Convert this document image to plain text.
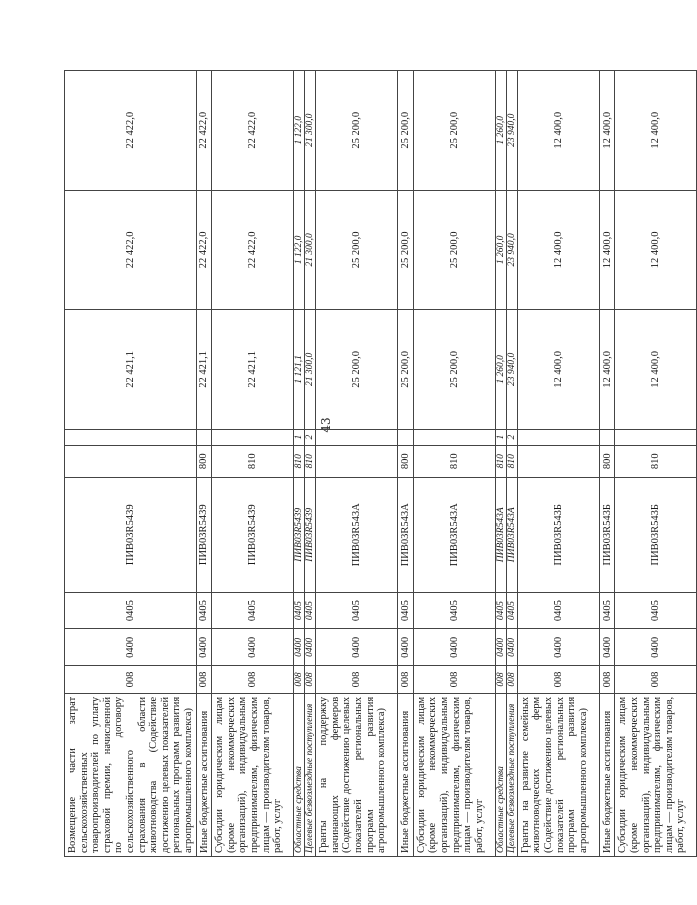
43
Возмещение части затрат сельскохозяйственных товаропроизводителей по уплату страховой премии, начисленной по договору сельскохозяйственного страхования в области животноводства (Содействие достижению целевых показателей региональных программ развития агропромышленного комплекса)	008	0400	0405	ПИВ03R5439			22 421,1	22 422,0	22 422,0
Иные бюджетные ассигнования	008	0400	0405	ПИВ03R5439	800		22 421,1	22 422,0	22 422,0
Субсидии юридическим лицам (кроме некоммерческих организаций), индивидуальным предпринимателям, физическим лицам — производителям товаров, работ, услуг	008	0400	0405	ПИВ03R5439	810		22 421,1	22 422,0	22 422,0
Областные средства	008	0400	0405	ПИВ03R5439	810	1	1 121,1	1 122,0	1 122,0
Целевые безвозмездные поступления	008	0400	0405	ПИВ03R5439	810	2	21 300,0	21 300,0	21 300,0
Гранты на поддержку начинающих фермеров (Содействие достижению целевых показателей региональных программ развития агропромышленного комплекса)	008	0400	0405	ПИВ03R543А			25 200,0	25 200,0	25 200,0
Иные бюджетные ассигнования	008	0400	0405	ПИВ03R543А	800		25 200,0	25 200,0	25 200,0
Субсидии юридическим лицам (кроме некоммерческих организаций), индивидуальным предпринимателям, физическим лицам — производителям товаров, работ, услуг	008	0400	0405	ПИВ03R543А	810		25 200,0	25 200,0	25 200,0
Областные средства	008	0400	0405	ПИВ03R543А	810	1	1 260,0	1 260,0	1 260,0
Целевые безвозмездные поступления	008	0400	0405	ПИВ03R543А	810	2	23 940,0	23 940,0	23 940,0
Гранты на развитие семейных животноводческих ферм (Содействие достижению целевых показателей региональных программ развития агропромышленного комплекса)	008	0400	0405	ПИВ03R543Б			12 400,0	12 400,0	12 400,0
Иные бюджетные ассигнования	008	0400	0405	ПИВ03R543Б	800		12 400,0	12 400,0	12 400,0
Субсидии юридическим лицам (кроме некоммерческих организаций), индивидуальным предпринимателям, физическим лицам — производителям товаров, работ, услуг	008	0400	0405	ПИВ03R543Б	810		12 400,0	12 400,0	12 400,0
